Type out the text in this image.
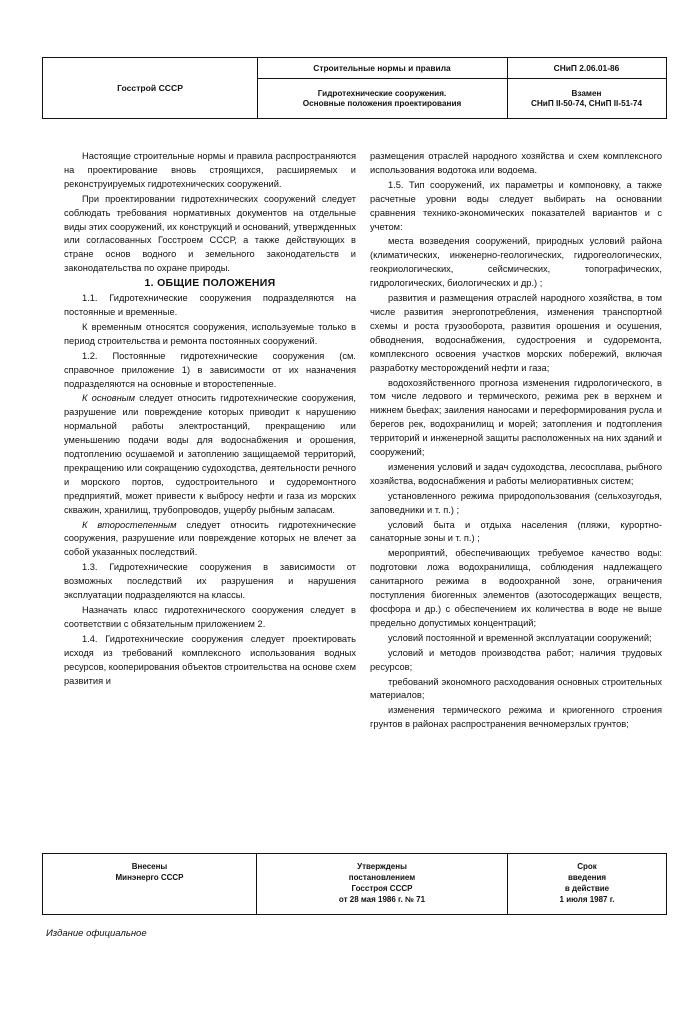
Госстрой СССР
Строительные нормы и правила
Гидротехнические сооружения.
Основные положения проектирования
СНиП 2.06.01-86
Взамен
СНиП II-50-74, СНиП II-51-74

Настоящие строительные нормы и правила распространяются на проектирование вновь строящихся, расширяемых и реконструируемых гидротехнических сооружений.

При проектировании гидротехнических сооружений следует соблюдать требования нормативных документов на отдельные виды этих сооружений, их конструкций и оснований, утвержденных или согласованных Госстроем СССР, а также действующих в стране основ водного и земельного законодательств и законодательства по охране природы.

1. ОБЩИЕ ПОЛОЖЕНИЯ

1.1. Гидротехнические сооружения подразделяются на постоянные и временные.

К временным относятся сооружения, используемые только в период строительства и ремонта постоянных сооружений.

1.2. Постоянные гидротехнические сооружения (см. справочное приложение 1) в зависимости от их назначения подразделяются на основные и второстепенные.

К основным следует относить гидротехнические сооружения, разрушение или повреждение которых приводит к нарушению нормальной работы электростанций, прекращению или уменьшению подачи воды для водоснабжения и орошения, подтоплению осушаемой и затоплению защищаемой территорий, прекращению или сокращению судоходства, деятельности речного и морского портов, судостроительного и судоремонтного предприятий, может привести к выбросу нефти и газа из морских скважин, хранилищ, трубопроводов, ущербу рыбным запасам.

К второстепенным следует относить гидротехнические сооружения, разрушение или повреждение которых не влечет за собой указанных последствий.

1.3. Гидротехнические сооружения в зависимости от возможных последствий их разрушения и нарушения эксплуатации подразделяются на классы.

Назначать класс гидротехнического сооружения следует в соответствии с обязательным приложением 2.

1.4. Гидротехнические сооружения следует проектировать исходя из требований комплексного использования водных ресурсов, кооперирования объектов строительства на основе схем развития и

размещения отраслей народного хозяйства и схем комплексного использования водотока или водоема.

1.5. Тип сооружений, их параметры и компоновку, а также расчетные уровни воды следует выбирать на основании сравнения технико-экономических показателей вариантов и с учетом:

места возведения сооружений, природных условий района (климатических, инженерно-геологических, гидрогеологических, геокриологических, сейсмических, топографических, гидрологических, биологических и др.) ;

развития и размещения отраслей народного хозяйства, в том числе развития энергопотребления, изменения транспортной схемы и роста грузооборота, развития орошения и осушения, обводнения, водоснабжения, судостроения и судоремонта, комплексного освоения участков морских побережий, включая разработку месторождений нефти и газа;

водохозяйственного прогноза изменения гидрологического, в том числе ледового и термического, режима рек в верхнем и нижнем бьефах; заиления наносами и переформирования русла и берегов рек, водохранилищ и морей; затопления и подтопления территорий и инженерной защиты расположенных на них зданий и сооружений;

изменения условий и задач судоходства, лесосплава, рыбного хозяйства, водоснабжения и работы мелиоративных систем;

установленного режима природопользования (сельхозугодья, заповедники и т. п.) ;

условий быта и отдыха населения (пляжи, курортно-санаторные зоны и т. п.) ;

мероприятий, обеспечивающих требуемое качество воды: подготовки ложа водохранилища, соблюдения надлежащего санитарного режима в водоохранной зоне, ограничения поступления биогенных элементов (азотосодержащих веществ, фосфора и др.) с обеспечением их количества в воде не выше предельно допустимых концентраций;

условий постоянной и временной эксплуатации сооружений;

условий и методов производства работ; наличия трудовых ресурсов;

требований экономного расходования основных строительных материалов;

изменения термического режима и криогенного строения грунтов в районах распространения вечномерзлых грунтов;

Внесены
Минэнерго СССР
Утверждены
постановлением
Госстроя СССР
от 28 мая 1986 г. № 71
Срок
введения
в действие
1 июля 1987 г.
Издание официальное
